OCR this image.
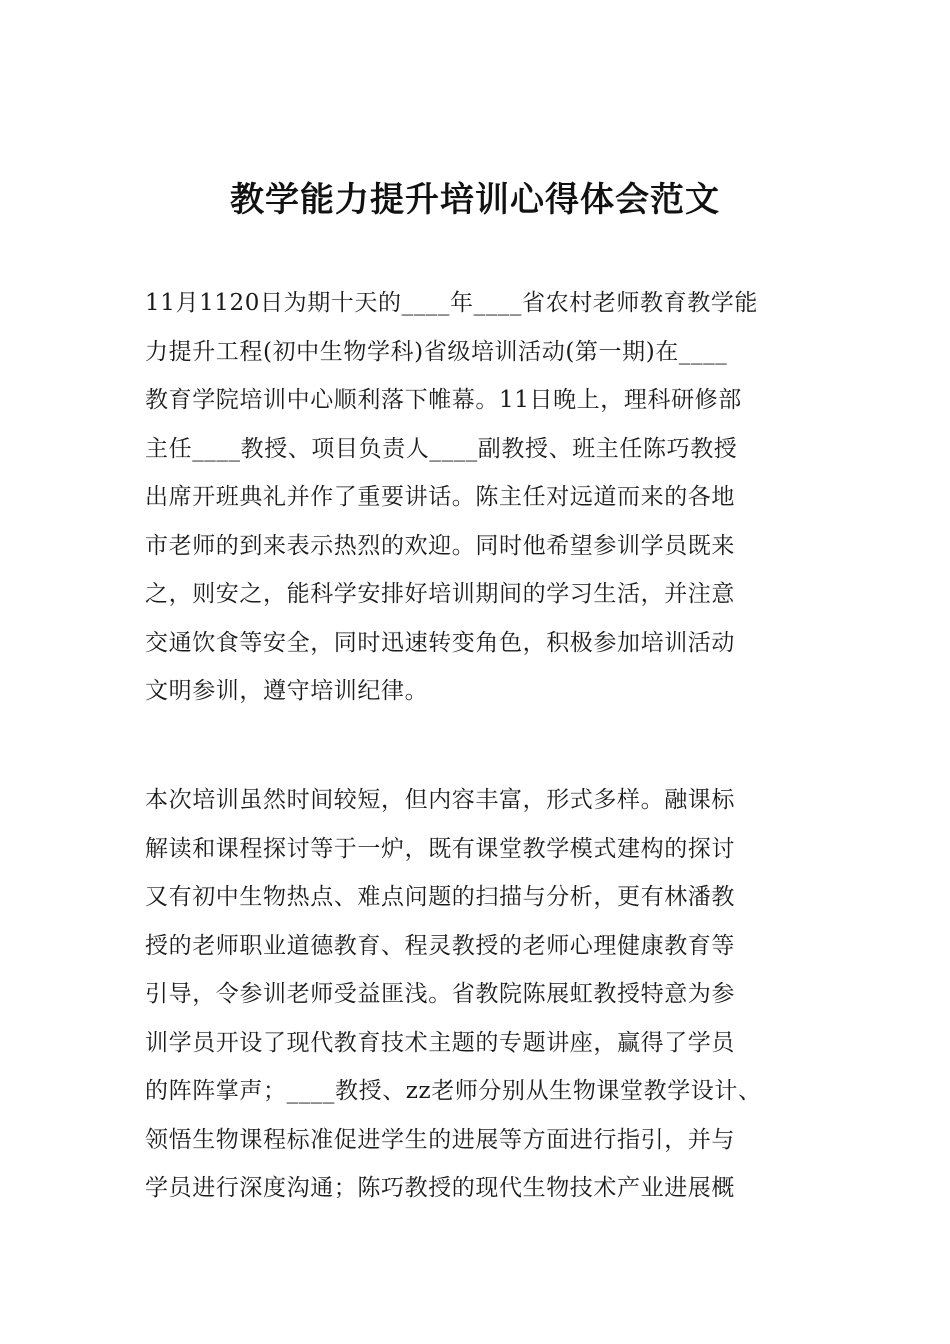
教学能力提升培训心得体会范文
11月1120日为期十天的____年____省农村老师教育教学能
力提升工程(初中生物学科)省级培训活动(第一期)在____
教育学院培训中心顺利落下帷幕。11日晚上，理科研修部
主任____教授、项目负责人____副教授、班主任陈巧教授
出席开班典礼并作了重要讲话。陈主任对远道而来的各地
市老师的到来表示热烈的欢迎。同时他希望参训学员既来
之，则安之，能科学安排好培训期间的学习生活，并注意
交通饮食等安全，同时迅速转变角色，积极参加培训活动
文明参训，遵守培训纪律。
本次培训虽然时间较短，但内容丰富，形式多样。融课标
解读和课程探讨等于一炉，既有课堂教学模式建构的探讨
又有初中生物热点、难点问题的扫描与分析，更有林潘教
授的老师职业道德教育、程灵教授的老师心理健康教育等
引导，令参训老师受益匪浅。省教院陈展虹教授特意为参
训学员开设了现代教育技术主题的专题讲座，赢得了学员
的阵阵掌声；____教授、zz老师分别从生物课堂教学设计、
领悟生物课程标准促进学生的进展等方面进行指引，并与
学员进行深度沟通；陈巧教授的现代生物技术产业进展概
